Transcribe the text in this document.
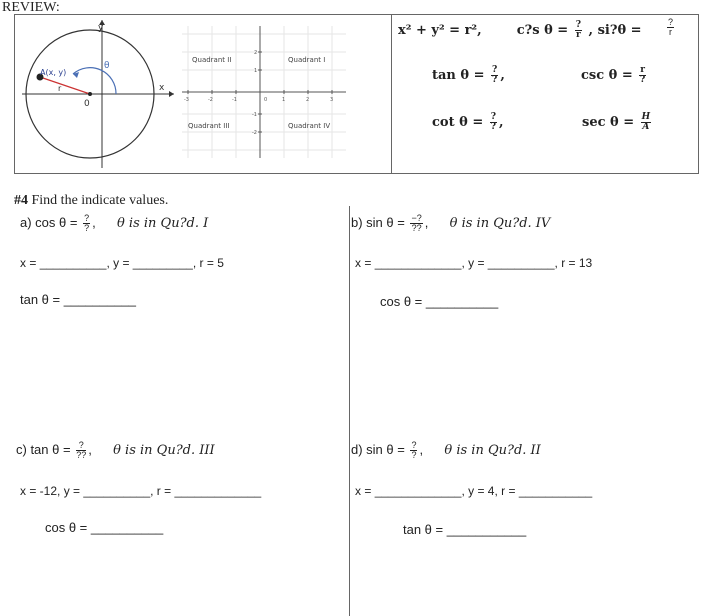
REVIEW:
y
x
θ
A(x, y)
r
0	-3	-2	-1	0	1	2	3
2
1
-1
-2
Quadrant II	Quadrant I
Quadrant III	Quadrant IV
x² + y² = r²,	c?s $\theta = \frac{?}{r}$ , si?θ =	$\frac{?}{r}$
$\tan \theta = \frac{?}{?}$ ,	$\csc \theta = \frac{r}{?}$
$\cot \theta = \frac{?}{?}$ ,	$\sec \theta = \frac{H}{A}$
#4 Find the indicate values.
a) $\cos \theta = \frac{?}{?}$ , θ is in Qu?d. I
x = __________, y = _________, r = 5
tan θ = __________
b) $\sin \theta = \frac{-?}{??}$ , θ is in Qu?d. IV
x = _____________, y = __________, r = 13
cos θ = __________
c) $\tan \theta = \frac{?}{??}$ , θ is in Qu?d. III
x = -12, y = __________, r = _____________
cos θ = __________
d) $\sin \theta = \frac{?}{?}$ , θ is in Qu?d. II
x = _____________, y = 4, r = ___________
tan θ = ___________
